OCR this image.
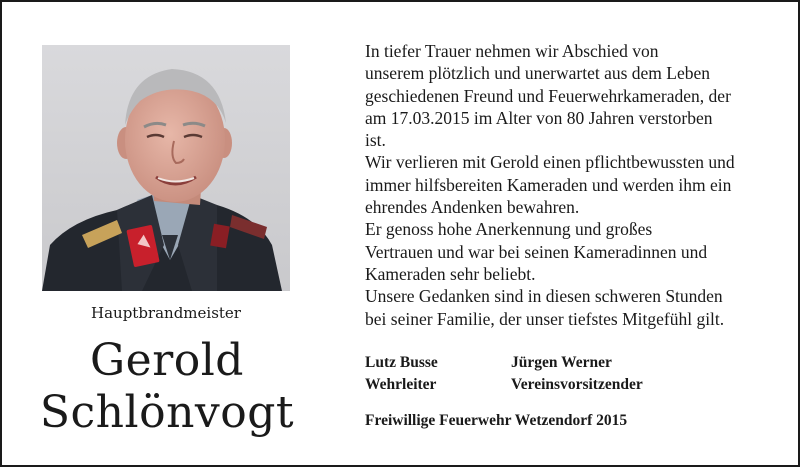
Hauptbrandmeister
Gerold
Schlönvogt
In tiefer Trauer nehmen wir Abschied von
unserem plötzlich und unerwartet aus dem Leben
geschiedenen Freund und Feuerwehrkameraden, der
am 17.03.2015 im Alter von 80 Jahren verstorben
ist.
Wir verlieren mit Gerold einen pflichtbewussten und
immer hilfsbereiten Kameraden und werden ihm ein
ehrendes Andenken bewahren.
Er genoss hohe Anerkennung und großes
Vertrauen und war bei seinen Kameradinnen und
Kameraden sehr beliebt.
Unsere Gedanken sind in diesen schweren Stunden
bei seiner Familie, der unser tiefstes Mitgefühl gilt.
Lutz Busse
Wehrleiter
Jürgen Werner
Vereinsvorsitzender
Freiwillige Feuerwehr Wetzendorf 2015
